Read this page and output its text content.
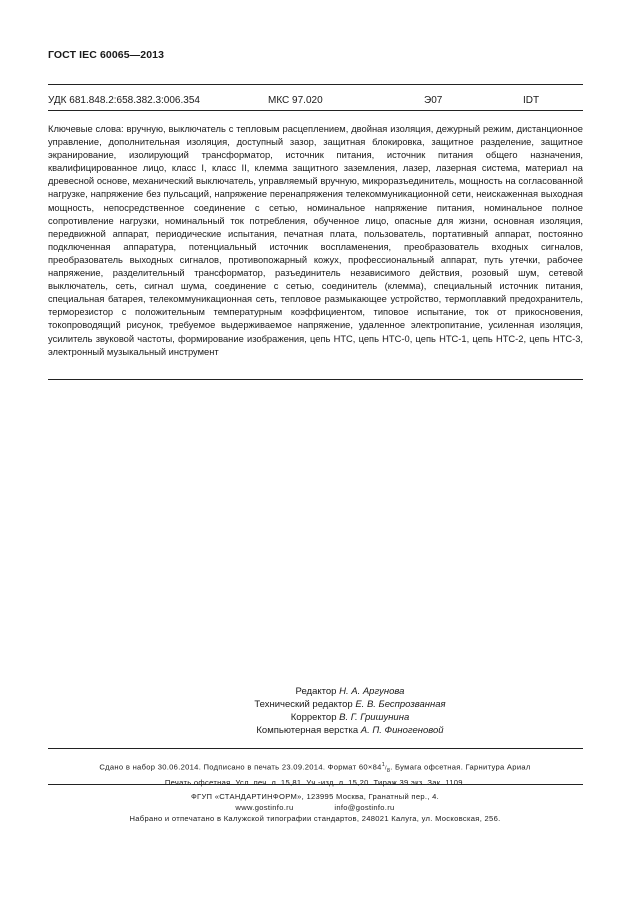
ГОСТ IEC 60065—2013
УДК 681.848.2:658.382.3:006.354	МКС 97.020	Э07	IDT
Ключевые слова: вручную, выключатель с тепловым расцеплением, двойная изоляция, дежурный режим, дистанционное управление, дополнительная изоляция, доступный зазор, защитная блокировка, защитное разделение, защитное экранирование, изолирующий трансформатор, источник питания, источник питания общего назначения, квалифицированное лицо, класс I, класс II, клемма защитного заземления, лазер, лазерная система, материал на древесной основе, механический выключатель, управляемый вручную, микроразъединитель, мощность на согласованной нагрузке, напряжение без пульсаций, напряжение перенапряжения телекоммуникационной сети, неискаженная выходная мощность, непосредственное соединение с сетью, номинальное напряжение питания, номинальное полное сопротивление нагрузки, номинальный ток потребления, обученное лицо, опасные для жизни, основная изоляция, передвижной аппарат, периодические испытания, печатная плата, пользователь, портативный аппарат, постоянно подключенная аппаратура, потенциальный источник воспламенения, преобразователь входных сигналов, преобразователь выходных сигналов, противопожарный кожух, профессиональный аппарат, путь утечки, рабочее напряжение, разделительный трансформатор, разъединитель независимого действия, розовый шум, сетевой выключатель, сеть, сигнал шума, соединение с сетью, соединитель (клемма), специальный источник питания, специальная батарея, телекоммуникационная сеть, тепловое размыкающее устройство, термоплавкий предохранитель, терморезистор с положительным температурным коэффициентом, типовое испытание, ток от прикосновения, токопроводящий рисунок, требуемое выдерживаемое напряжение, удаленное электропитание, усиленная изоляция, усилитель звуковой частоты, формирование изображения, цепь НТС, цепь НТС-0, цепь НТС-1, цепь НТС-2, цепь НТС-3, электронный музыкальный инструмент
Редактор Н. А. Аргунова
Технический редактор Е. В. Беспрозванная
Корректор В. Г. Гришунина
Компьютерная верстка А. П. Финогеновой
Сдано в набор 30.06.2014. Подписано в печать 23.09.2014. Формат $60\times 84^1/_8$. Бумага офсетная. Гарнитура Ариал
Печать офсетная. Усл. печ. л. 15,81. Уч.-изд. л. 15,20. Тираж 39 экз. Зак. 1109.
ФГУП «СТАНДАРТИНФОРМ», 123995 Москва, Гранатный пер., 4.
www.gostinfo.ru	info@gostinfo.ru
Набрано и отпечатано в Калужской типографии стандартов, 248021 Калуга, ул. Московская, 256.
